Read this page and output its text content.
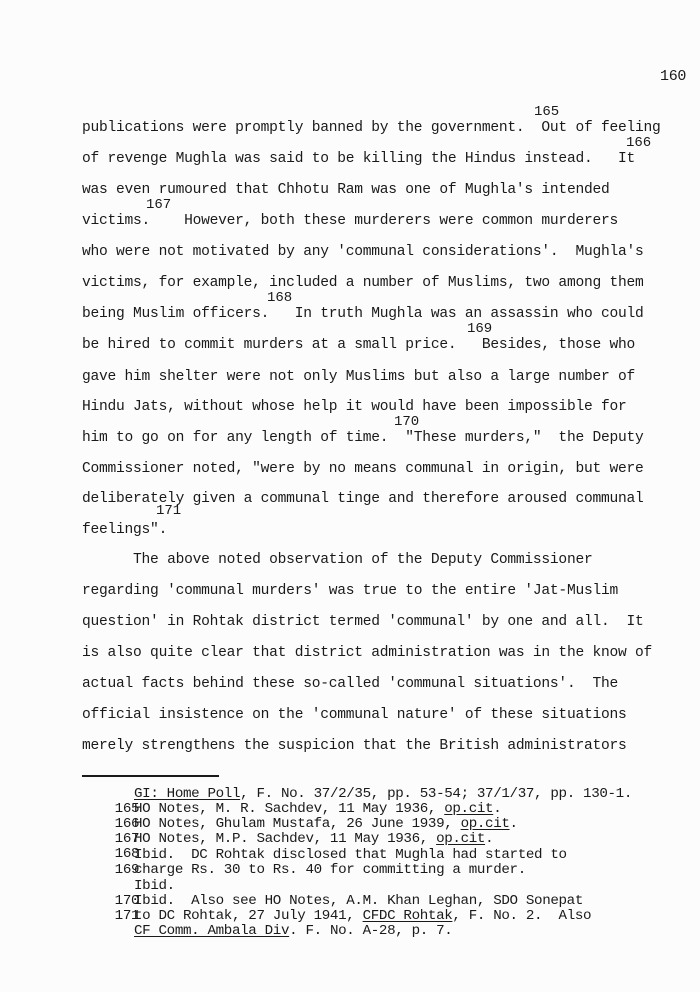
160
165
166
167
168
169
170
171
publications were promptly banned by the government.  Out of feeling
of revenge Mughla was said to be killing the Hindus instead.   It
was even rumoured that Chhotu Ram was one of Mughla's intended
victims.    However, both these murderers were common murderers
who were not motivated by any 'communal considerations'.  Mughla's
victims, for example, included a number of Muslims, two among them
being Muslim officers.   In truth Mughla was an assassin who could
be hired to commit murders at a small price.   Besides, those who
gave him shelter were not only Muslims but also a large number of
Hindu Jats, without whose help it would have been impossible for
him to go on for any length of time.  "These murders,"  the Deputy
Commissioner noted, "were by no means communal in origin, but were
deliberately given a communal tinge and therefore aroused communal
feelings".
The above noted observation of the Deputy Commissioner
regarding 'communal murders' was true to the entire 'Jat-Muslim
question' in Rohtak district termed 'communal' by one and all.  It
is also quite clear that district administration was in the know of
actual facts behind these so-called 'communal situations'.  The
official insistence on the 'communal nature' of these situations
merely strengthens the suspicion that the British administrators

165
GI: Home Poll, F. No. 37/2/35, pp. 53-54; 37/1/37, pp. 130-1.

166
HO Notes, M. R. Sachdev, 11 May 1936, op.cit.

167
HO Notes, Ghulam Mustafa, 26 June 1939, op.cit.

168
HO Notes, M.P. Sachdev, 11 May 1936, op.cit.

169
Ibid.  DC Rohtak disclosed that Mughla had started to

charge Rs. 30 to Rs. 40 for committing a murder.

170
Ibid.

171
Ibid.  Also see HO Notes, A.M. Khan Leghan, SDO Sonepat

to DC Rohtak, 27 July 1941, CFDC Rohtak, F. No. 2.  Also
CF Comm. Ambala Div. F. No. A-28, p. 7.
